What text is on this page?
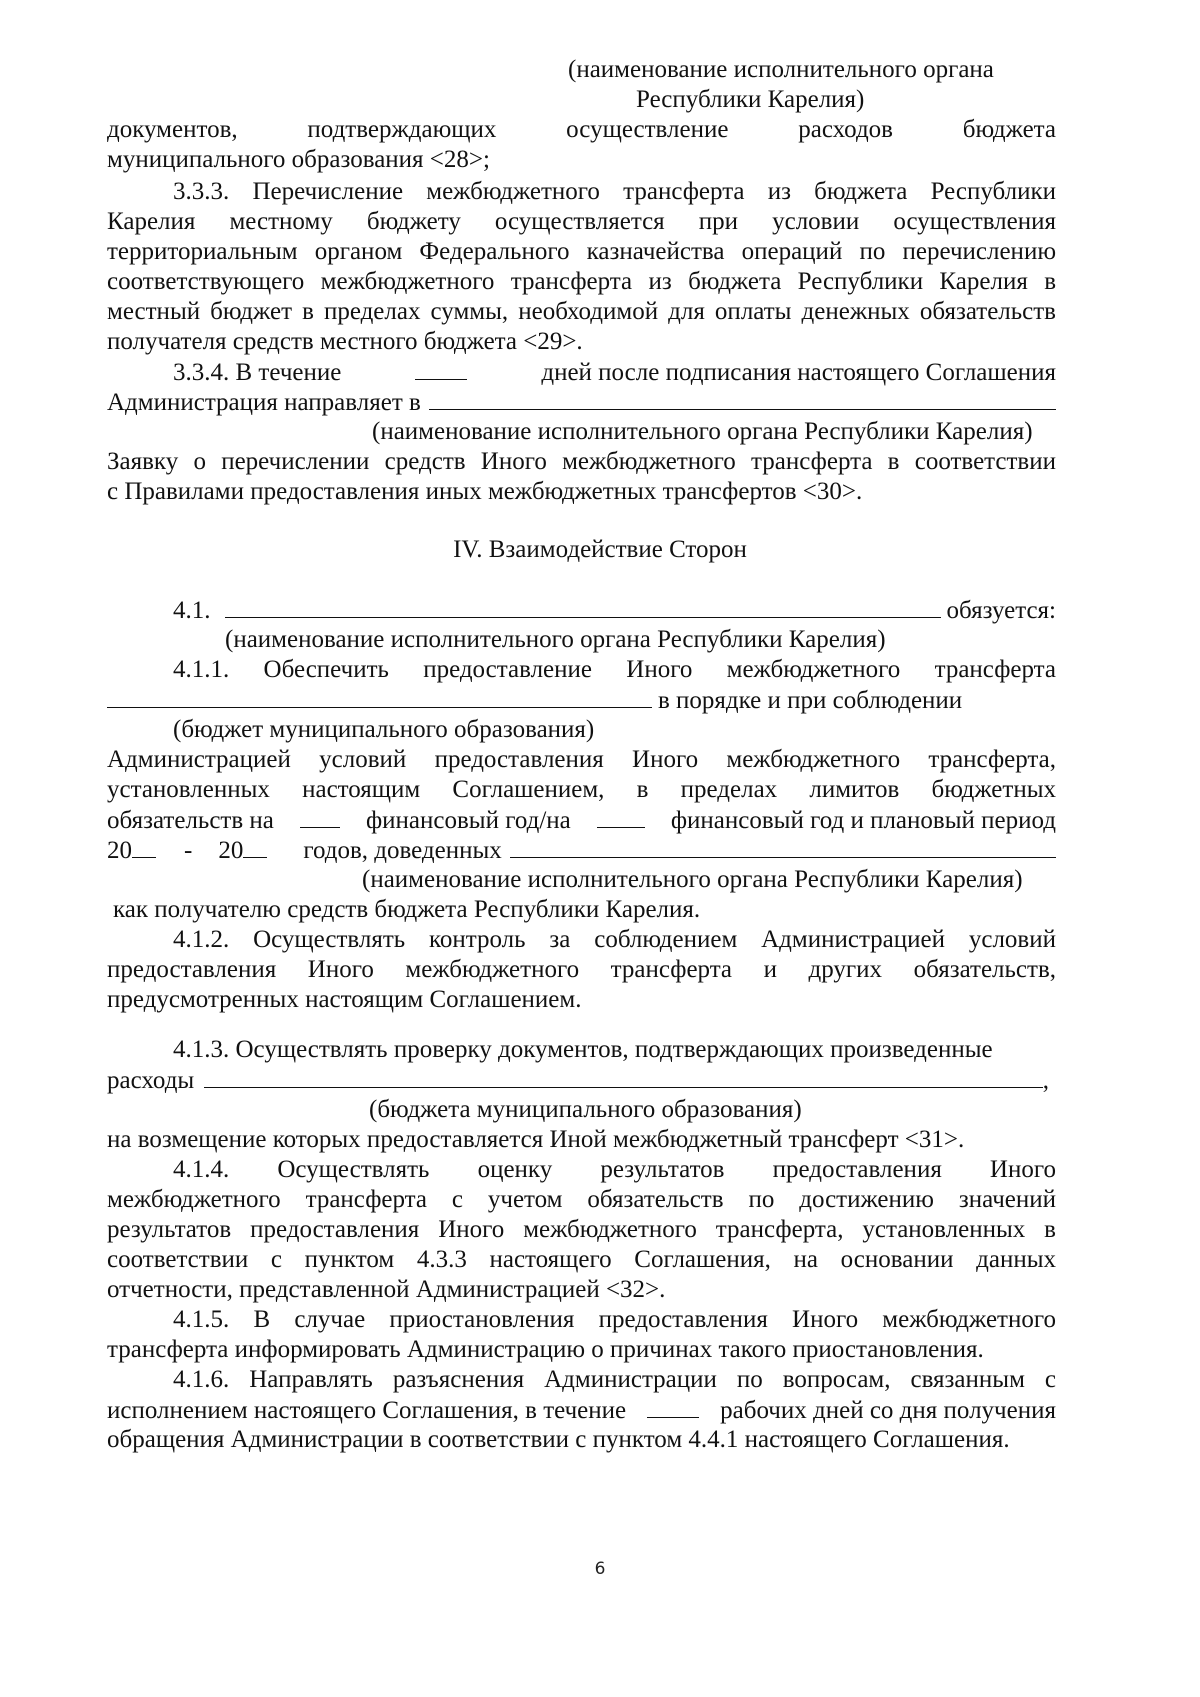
(наименование исполнительного органа
Республики Карелия)
документов, подтверждающих осуществление расходов бюджета
муниципального образования <28>;
3.3.3. Перечисление межбюджетного трансферта из бюджета Республики
Карелия местному бюджету осуществляется при условии осуществления
территориальным органом Федерального казначейства операций по перечислению
соответствующего межбюджетного трансферта из бюджета Республики Карелия в
местный бюджет в пределах суммы, необходимой для оплаты денежных обязательств
получателя средств местного бюджета <29>.
3.3.4. В течение	дней после подписания настоящего Соглашения
Администрация направляет в
(наименование исполнительного органа Республики Карелия)
Заявку о перечислении средств Иного межбюджетного трансферта в соответствии
с Правилами предоставления иных межбюджетных трансфертов <30>.
IV. Взаимодействие Сторон
4.1.	обязуется:
(наименование исполнительного органа Республики Карелия)
4.1.1. Обеспечить предоставление Иного межбюджетного трансферта
в порядке и при соблюдении
(бюджет муниципального образования)
Администрацией условий предоставления Иного межбюджетного трансферта,
установленных настоящим Соглашением, в пределах лимитов бюджетных
обязательств на	финансовый год/на	финансовый год и плановый период
20 - 20 годов, доведенных
(наименование исполнительного органа Республики Карелия)
как получателю средств бюджета Республики Карелия.
4.1.2. Осуществлять контроль за соблюдением Администрацией условий
предоставления Иного межбюджетного трансферта и других обязательств,
предусмотренных настоящим Соглашением.
4.1.3. Осуществлять проверку документов, подтверждающих произведенные
расходы	,
(бюджета муниципального образования)
на возмещение которых предоставляется Иной межбюджетный трансферт <31>.
4.1.4. Осуществлять оценку результатов предоставления Иного
межбюджетного трансферта с учетом обязательств по достижению значений
результатов предоставления Иного межбюджетного трансферта, установленных в
соответствии с пунктом 4.3.3 настоящего Соглашения, на основании данных
отчетности, представленной Администрацией <32>.
4.1.5. В случае приостановления предоставления Иного межбюджетного
трансферта информировать Администрацию о причинах такого приостановления.
4.1.6. Направлять разъяснения Администрации по вопросам, связанным с
исполнением настоящего Соглашения, в течение	рабочих дней со дня получения
обращения Администрации в соответствии с пунктом 4.4.1 настоящего Соглашения.
6
